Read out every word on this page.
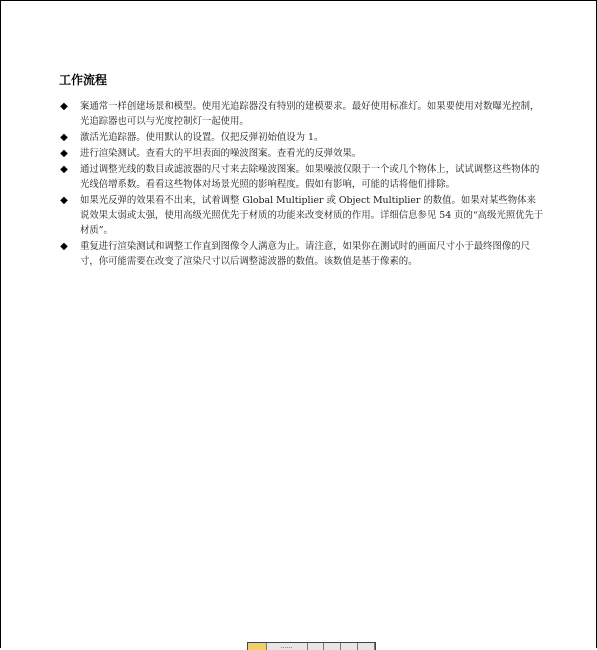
工作流程
◆ 案通常一样创建场景和模型。使用光追踪器没有特别的建模要求。最好使用标准灯。如果要使用对数曝光控制，光追踪器也可以与光度控制灯一起使用。
◆ 激活光追踪器。使用默认的设置。仅把反弹初始值设为 1。
◆ 进行渲染测试。查看大的平坦表面的噪波图案。查看光的反弹效果。
◆ 通过调整光线的数目或滤波器的尺寸来去除噪波图案。如果噪波仅限于一个或几个物体上，试试调整这些物体的光线倍增系数。看看这些物体对场景光照的影响程度。假如有影响，可能的话将他们排除。
◆ 如果光反弹的效果看不出来，试着调整 Global Multiplier 或 Object Multiplier 的数值。如果对某些物体来说效果太弱或太强，使用高级光照优先于材质的功能来改变材质的作用。详细信息参见 54 页的“高级光照优先于材质”。
◆ 重复进行渲染测试和调整工作直到图像令人满意为止。请注意，如果你在测试时的画面尺寸小于最终图像的尺寸，你可能需要在改变了渲染尺寸以后调整滤波器的数值。该数值是基于像素的。
……
